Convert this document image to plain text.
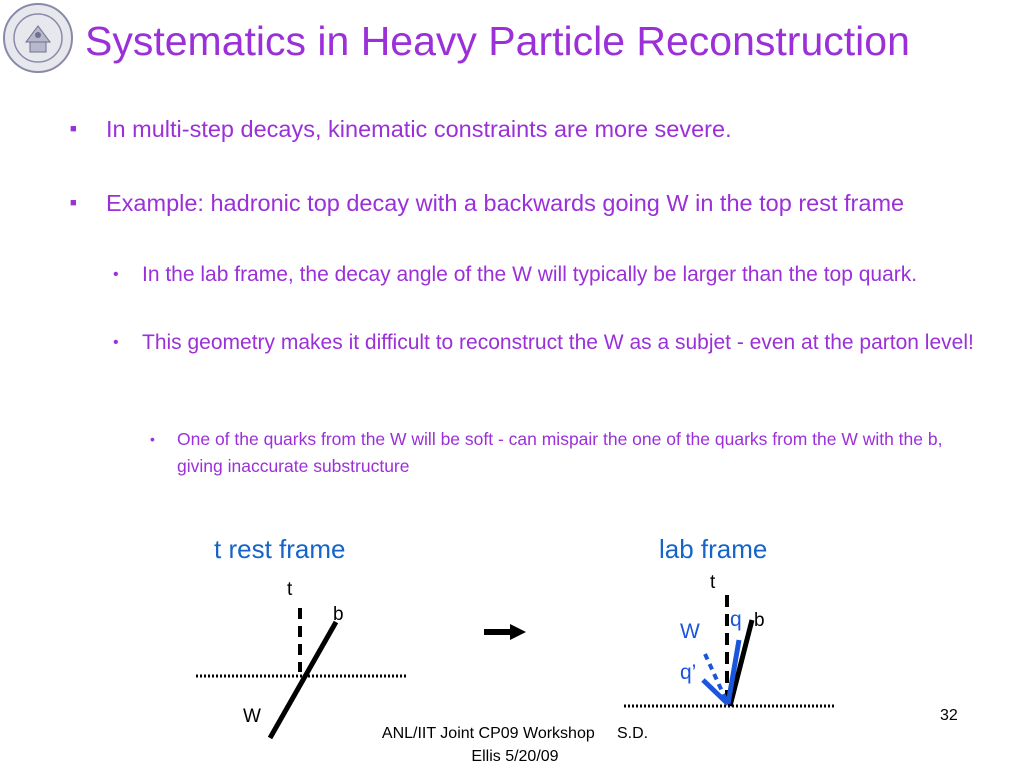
Systematics in Heavy Particle Reconstruction
■ In multi-step decays, kinematic constraints are more severe.
■ Example: hadronic top decay with a backwards going W in the top rest frame
• In the lab frame, the decay angle of the W will typically be larger than the top quark.
• This geometry makes it difficult to reconstruct the W as a subjet - even at the parton level!
• One of the quarks from the W will be soft - can mispair the one of the quarks from the W with the b, giving inaccurate substructure
t rest frame	lab frame
t
b
W
t
q b
W
q’
ANL/IIT Joint CP09 Workshop     S.D.
Ellis 5/20/09
32
